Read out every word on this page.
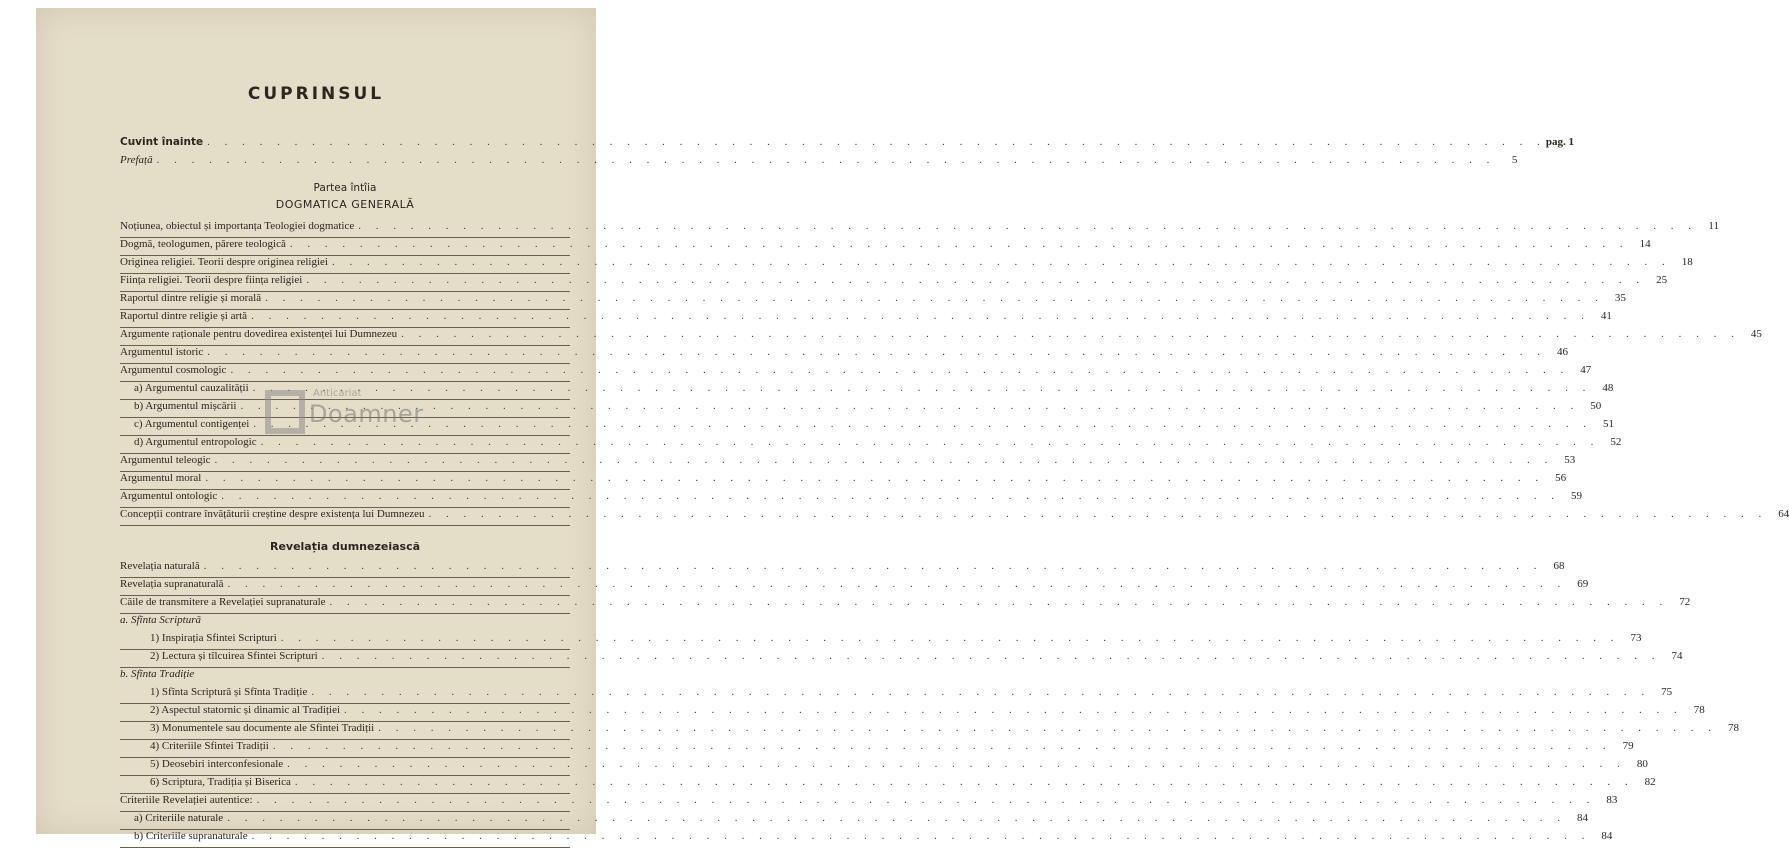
CUPRINSUL
Cuvint înainte . . .	pag. 1
Prefață . . .	5
Partea întîia
DOGMATICA GENERALĂ
Noțiunea, obiectul și importanța Teologiei dogmatice . . .	11
Dogmă, teologumen, părere teologică . . .	14
Originea religiei. Teorii despre originea religiei . . .	18
Ființa religiei. Teorii despre ființa religiei . . .	25
Raportul dintre religie și morală . . .	35
Raportul dintre religie și artă . . .	41
Argumente raționale pentru dovedirea existenței lui Dumnezeu . . .	45
Argumentul istoric . . .	46
Argumentul cosmologic . . .	47
a) Argumentul cauzalității . . .	48
b) Argumentul mișcării . . .	50
c) Argumentul contigenței . . .	51
d) Argumentul entropologic . . .	52
Argumentul teleogic . . .	53
Argumentul moral . . .	56
Argumentul ontologic . . .	59
Concepții contrare învățăturii creștine despre existența lui Dumnezeu . . .	64
Revelația dumnezeiască
Revelația naturală . . .	68
Revelația supranaturală . . .	69
Căile de transmitere a Revelației supranaturale . . .	72
a. Sfînta Scriptură
1) Inspirația Sfintei Scripturi . . .	73
2) Lectura și tîlcuirea Sfintei Scripturi . . .	74
b. Sfînta Tradiție
1) Sfînta Scriptură și Sfînta Tradiție . . .	75
2) Aspectul statornic și dinamic al Tradiției . . .	78
3) Monumentele sau documente ale Sfintei Tradiții . . .	78
4) Criteriile Sfintei Tradiții . . .	79
5) Deosebiri interconfesionale . . .	80
6) Scriptura, Tradiția și Biserica . . .	82
Criteriile Revelației autentice: . . .	83
a) Criteriile naturale . . .	84
b) Criteriile supranaturale . . .	84
Anticariat
Doamner
